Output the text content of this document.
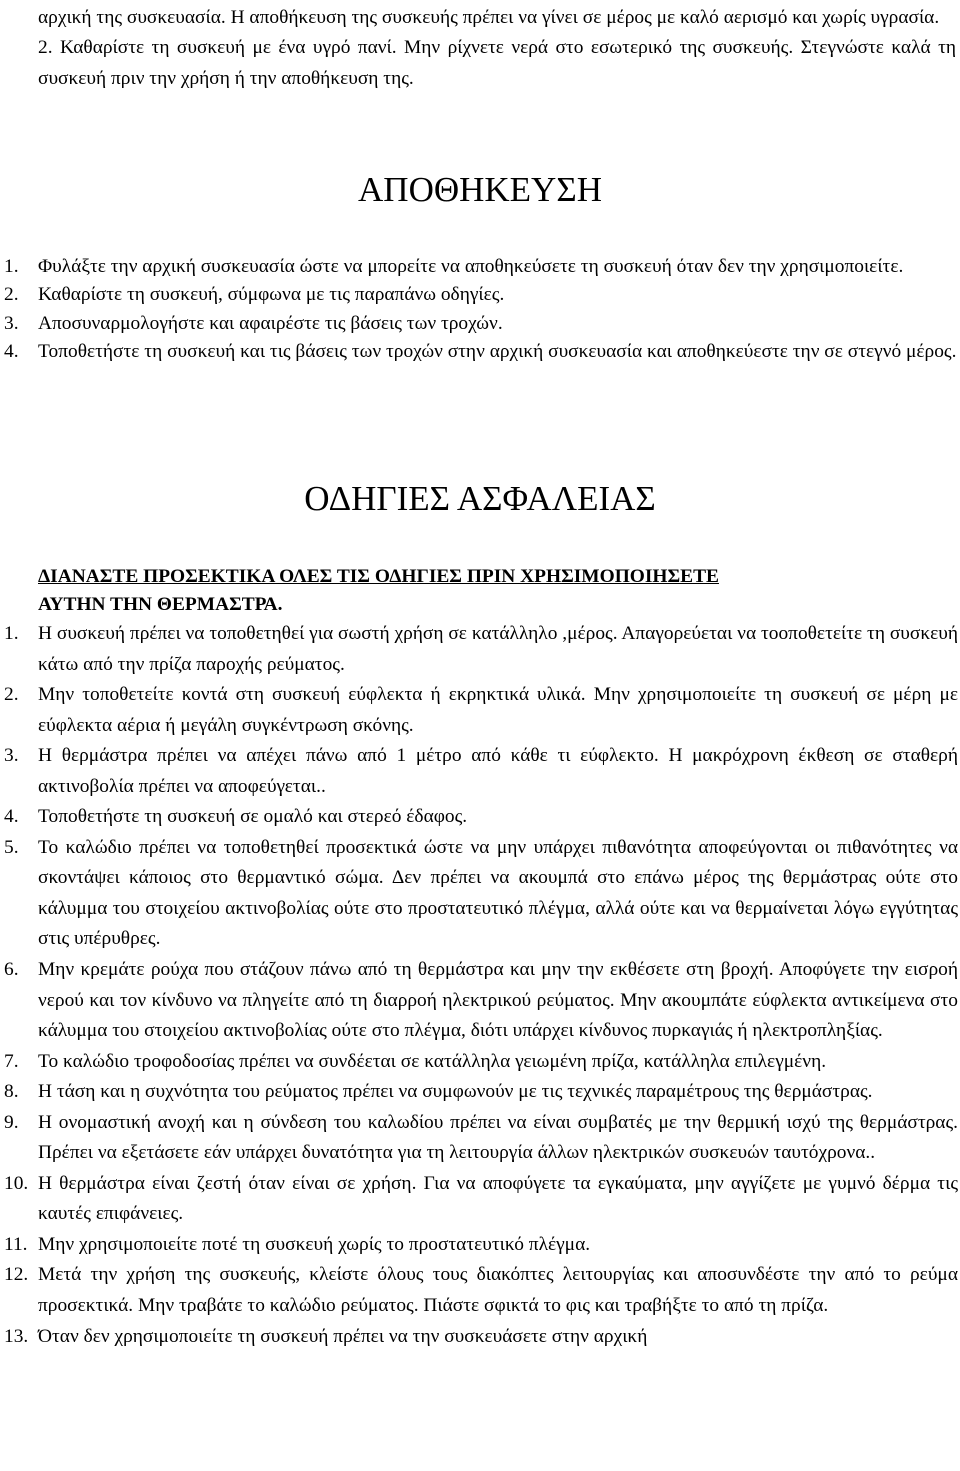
αρχική της συσκευασία. Η αποθήκευση της συσκευής πρέπει να γίνει σε μέρος με καλό αερισμό και χωρίς υγρασία.

2. Καθαρίστε τη συσκευή με ένα υγρό πανί. Μην ρίχνετε νερά στο εσωτερικό της συσκευής. Στεγνώστε καλά τη συσκευή πριν την χρήση ή την αποθήκευση της.
ΑΠΟΘΗΚΕΥΣΗ
1. Φυλάξτε την αρχική συσκευασία ώστε να μπορείτε να αποθηκεύσετε τη συσκευή όταν δεν την χρησιμοποιείτε.
2. Καθαρίστε τη συσκευή, σύμφωνα με τις παραπάνω οδηγίες.
3. Αποσυναρμολογήστε και αφαιρέστε τις βάσεις των τροχών.
4. Τοποθετήστε τη συσκευή και τις βάσεις των τροχών στην αρχική συσκευασία και αποθηκεύεστε την σε στεγνό μέρος.
ΟΔΗΓΙΕΣ ΑΣΦΑΛΕΙΑΣ

ΔΙΑΝΑΣΤΕ ΠΡΟΣΕΚΤΙΚΑ ΟΛΕΣ ΤΙΣ ΟΔΗΓΙΕΣ ΠΡΙΝ ΧΡΗΣΙΜΟΠΟΙΗΣΕΤΕ
ΑΥΤΗΝ ΤΗΝ ΘΕΡΜΑΣΤΡΑ.

1. Η συσκευή πρέπει να τοποθετηθεί για σωστή χρήση σε κατάλληλο ,μέρος. Απαγορεύεται να τοοποθετείτε τη συσκευή κάτω από την πρίζα παροχής ρεύματος.
2. Μην τοποθετείτε κοντά στη συσκευή εύφλεκτα ή εκρηκτικά υλικά. Μην χρησιμοποιείτε τη συσκευή σε μέρη με εύφλεκτα αέρια ή μεγάλη συγκέντρωση σκόνης.
3. Η θερμάστρα πρέπει να απέχει πάνω από 1 μέτρο από κάθε τι εύφλεκτο. Η μακρόχρονη έκθεση σε σταθερή ακτινοβολία πρέπει να αποφεύγεται..
4. Τοποθετήστε τη συσκευή σε ομαλό και στερεό έδαφος.
5. Το καλώδιο πρέπει να τοποθετηθεί προσεκτικά ώστε να μην υπάρχει πιθανότητα αποφεύγονται οι πιθανότητες να σκοντάψει κάποιος στο θερμαντικό σώμα. Δεν πρέπει να ακουμπά στο επάνω μέρος της θερμάστρας ούτε στο κάλυμμα του στοιχείου ακτινοβολίας ούτε στο προστατευτικό πλέγμα, αλλά ούτε και να θερμαίνεται λόγω εγγύτητας στις υπέρυθρες.
6. Μην κρεμάτε ρούχα που στάζουν πάνω από τη θερμάστρα και μην την εκθέσετε στη βροχή. Αποφύγετε την εισροή νερού και τον κίνδυνο να πληγείτε από τη διαρροή ηλεκτρικού ρεύματος. Μην ακουμπάτε εύφλεκτα αντικείμενα στο κάλυμμα του στοιχείου ακτινοβολίας ούτε στο πλέγμα, διότι υπάρχει κίνδυνος πυρκαγιάς ή ηλεκτροπληξίας.
7. Το καλώδιο τροφοδοσίας πρέπει να συνδέεται σε κατάλληλα γειωμένη πρίζα, κατάλληλα επιλεγμένη.
8. Η τάση και η συχνότητα του ρεύματος πρέπει να συμφωνούν με τις τεχνικές παραμέτρους της θερμάστρας.
9. Η ονομαστική ανοχή και η σύνδεση του καλωδίου πρέπει να είναι συμβατές με την θερμική ισχύ της θερμάστρας. Πρέπει να εξετάσετε εάν υπάρχει δυνατότητα για τη λειτουργία άλλων ηλεκτρικών συσκευών ταυτόχρονα..
10. Η θερμάστρα είναι ζεστή όταν είναι σε χρήση. Για να αποφύγετε τα εγκαύματα, μην αγγίζετε με γυμνό δέρμα τις καυτές επιφάνειες.
11. Μην χρησιμοποιείτε ποτέ τη συσκευή χωρίς το προστατευτικό πλέγμα.
12. Μετά την χρήση της συσκευής, κλείστε όλους τους διακόπτες λειτουργίας και αποσυνδέστε την από το ρεύμα προσεκτικά. Μην τραβάτε το καλώδιο ρεύματος. Πιάστε σφικτά το φις και τραβήξτε το από τη πρίζα.
13. Όταν δεν χρησιμοποιείτε τη συσκευή πρέπει να την συσκευάσετε στην αρχική
